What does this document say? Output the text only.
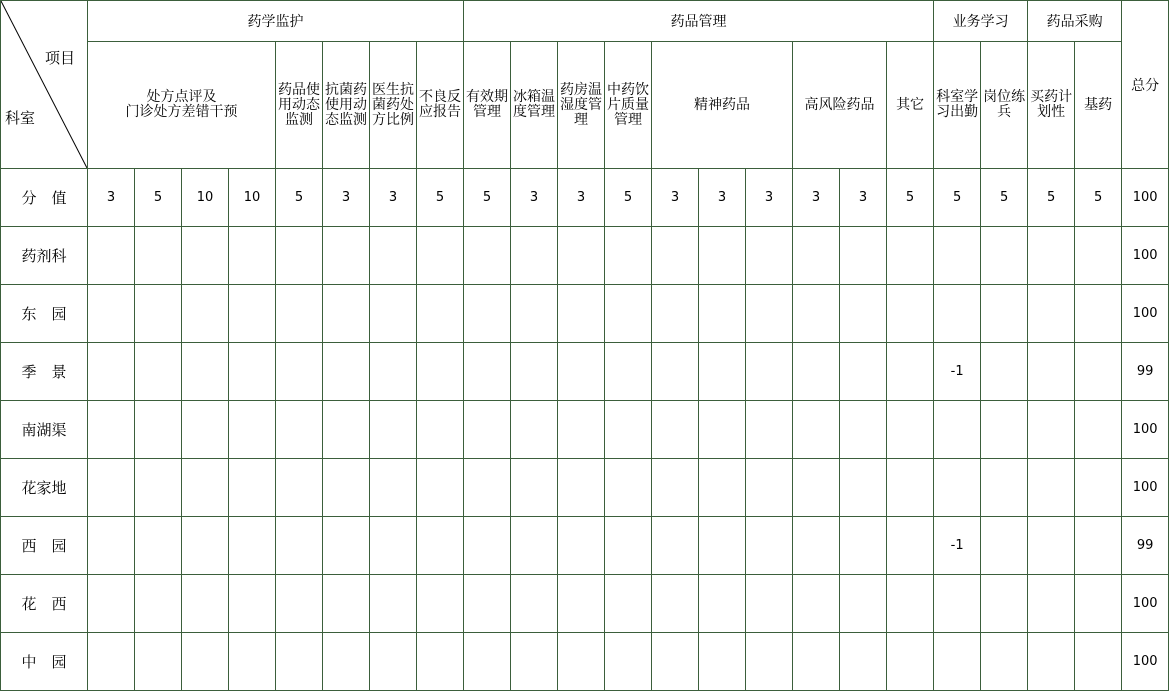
项目
科室	药学监护								药品管理										业务学习		药品采购		总分
	处方点评及
门诊处方差错干预				药品使用动态监测	抗菌药使用动态监测	医生抗菌药处方比例	不良反应报告	有效期管理	冰箱温度管理	药房温湿度管理	中药饮片质量管理	精神药品			高风险药品		其它	科室学习出勤	岗位练兵	买药计划性	基药	
分　值	3	5	10	10	5	3	3	5	5	3	3	5	3	3	3	3	3	5	5	5	5	5	100
药剂科																							100
东　园																							100
季　景																			-1				99
南湖渠																							100
花家地																							100
西　园																			-1				99
花　西																							100
中　园																							100
